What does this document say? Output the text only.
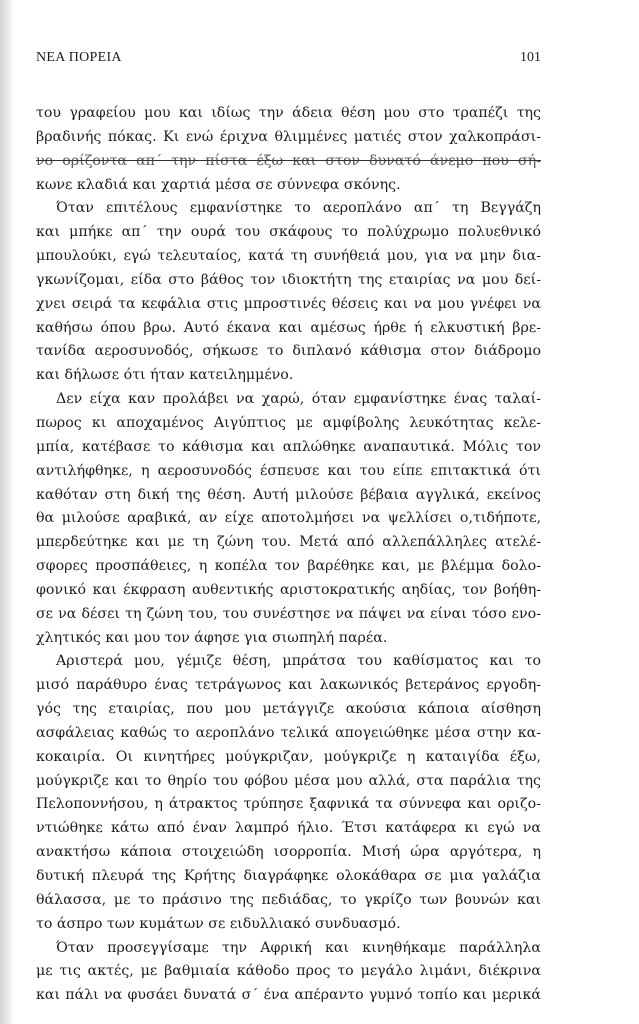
ΝΕΑ ΠΟΡΕΙΑ	101
του γραφείου μου και ιδίως την άδεια θέση μου στο τραπέζι της
βραδινής πόκας. Κι ενώ έριχνα θλιμμένες ματιές στον χαλκοπράσι-
νο ορίζοντα απ΄ την πίστα έξω και στον δυνατό άνεμο που σή-
κωνε κλαδιά και χαρτιά μέσα σε σύννεφα σκόνης.
Όταν επιτέλους εμφανίστηκε το αεροπλάνο απ΄ τη Βεγγάζη
και μπήκε απ΄ την ουρά του σκάφους το πολύχρωμο πολυεθνικό
μπουλούκι, εγώ τελευταίος, κατά τη συνήθειά μου, για να μην δια-
γκωνίζομαι, είδα στο βάθος τον ιδιοκτήτη της εταιρίας να μου δεί-
χνει σειρά τα κεφάλια στις μπροστινές θέσεις και να μου γνέφει να
καθήσω όπου βρω. Αυτό έκανα και αμέσως ήρθε ή ελκυστική βρε-
τανίδα αεροσυνοδός, σήκωσε το διπλανό κάθισμα στον διάδρομο
και δήλωσε ότι ήταν κατειλημμένο.
Δεν είχα καν προλάβει να χαρώ, όταν εμφανίστηκε ένας ταλαί-
πωρος κι αποχαμένος Αιγύπτιος με αμφίβολης λευκότητας κελε-
μπία, κατέβασε το κάθισμα και απλώθηκε αναπαυτικά. Μόλις τον
αντιλήφθηκε, η αεροσυνοδός έσπευσε και του είπε επιτακτικά ότι
καθόταν στη δική της θέση. Αυτή μιλούσε βέβαια αγγλικά, εκείνος
θα μιλούσε αραβικά, αν είχε αποτολμήσει να ψελλίσει ο,τιδήποτε,
μπερδεύτηκε και με τη ζώνη του. Μετά από αλλεπάλληλες ατελέ-
σφορες προσπάθειες, η κοπέλα τον βαρέθηκε και, με βλέμμα δολο-
φονικό και έκφραση αυθεντικής αριστοκρατικής αηδίας, τον βοήθη-
σε να δέσει τη ζώνη του, του συνέστησε να πάψει να είναι τόσο ενο-
χλητικός και μου τον άφησε για σιωπηλή παρέα.
Αριστερά μου, γέμιζε θέση, μπράτσα του καθίσματος και το
μισό παράθυρο ένας τετράγωνος και λακωνικός βετεράνος εργοδη-
γός της εταιρίας, που μου μετάγγιζε ακούσια κάποια αίσθηση
ασφάλειας καθώς το αεροπλάνο τελικά απογειώθηκε μέσα στην κα-
κοκαιρία. Οι κινητήρες μούγκριζαν, μούγκριζε η καταιγίδα έξω,
μούγκριζε και το θηρίο του φόβου μέσα μου αλλά, στα παράλια της
Πελοποννήσου, η άτρακτος τρύπησε ξαφνικά τα σύννεφα και οριζο-
ντιώθηκε κάτω από έναν λαμπρό ήλιο. Έτσι κατάφερα κι εγώ να
ανακτήσω κάποια στοιχειώδη ισορροπία. Μισή ώρα αργότερα, η
δυτική πλευρά της Κρήτης διαγράφηκε ολοκάθαρα σε μια γαλάζια
θάλασσα, με το πράσινο της πεδιάδας, το γκρίζο των βουνών και
το άσπρο των κυμάτων σε ειδυλλιακό συνδυασμό.
Όταν προσεγγίσαμε την Αφρική και κινηθήκαμε παράλληλα
με τις ακτές, με βαθμιαία κάθοδο προς το μεγάλο λιμάνι, διέκρινα
και πάλι να φυσάει δυνατά σ΄ ένα απέραντο γυμνό τοπίο και μερικά
